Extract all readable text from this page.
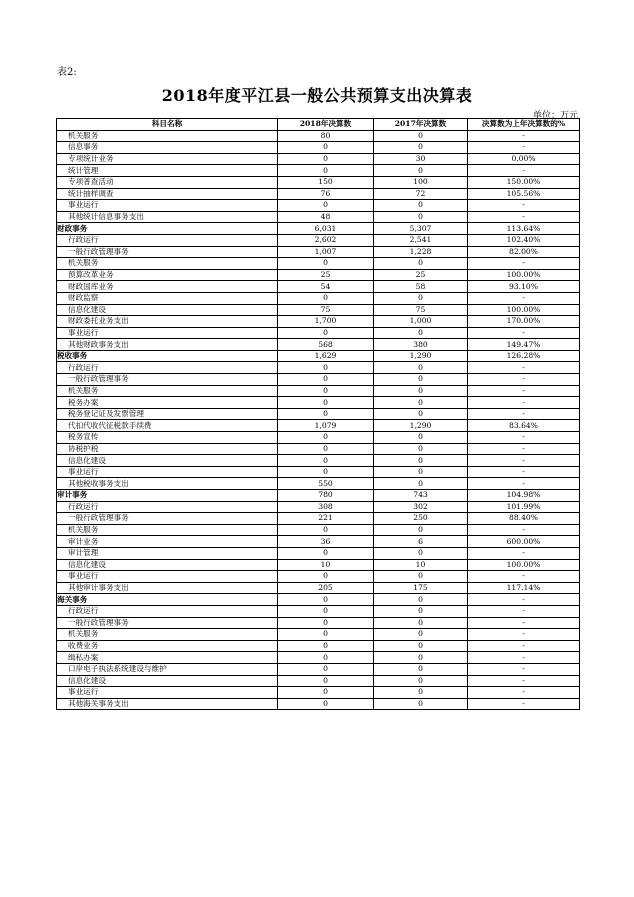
表2:
2018年度平江县一般公共预算支出决算表
单位：万元
科目名称	2018年决算数	2017年决算数	决算数为上年决算数的%
机关服务	80	0	-
信息事务	0	0	-
专项统计业务	0	30	0.00%
统计管理	0	0	-
专项普查活动	150	100	150.00%
统计抽样调查	76	72	105.56%
事业运行	0	0	-
其他统计信息事务支出	48	0	-
财政事务	6,031	5,307	113.64%
行政运行	2,602	2,541	102.40%
一般行政管理事务	1,007	1,228	82.00%
机关服务	0	0	-
预算改革业务	25	25	100.00%
财政国库业务	54	58	93.10%
财政监察	0	0	-
信息化建设	75	75	100.00%
财政委托业务支出	1,700	1,000	170.00%
事业运行	0	0	-
其他财政事务支出	568	380	149.47%
税收事务	1,629	1,290	126.28%
行政运行	0	0	-
一般行政管理事务	0	0	-
机关服务	0	0	-
税务办案	0	0	-
税务登记证及发票管理	0	0	-
代扣代收代征税款手续费	1,079	1,290	83.64%
税务宣传	0	0	-
协税护税	0	0	-
信息化建设	0	0	-
事业运行	0	0	-
其他税收事务支出	550	0	-
审计事务	780	743	104.98%
行政运行	308	302	101.99%
一般行政管理事务	221	250	88.40%
机关服务	0	0	-
审计业务	36	6	600.00%
审计管理	0	0	-
信息化建设	10	10	100.00%
事业运行	0	0	-
其他审计事务支出	205	175	117.14%
海关事务	0	0	-
行政运行	0	0	-
一般行政管理事务	0	0	-
机关服务	0	0	-
收费业务	0	0	-
缉私办案	0	0	-
口岸电子执法系统建设与维护	0	0	-
信息化建设	0	0	-
事业运行	0	0	-
其他海关事务支出	0	0	-
